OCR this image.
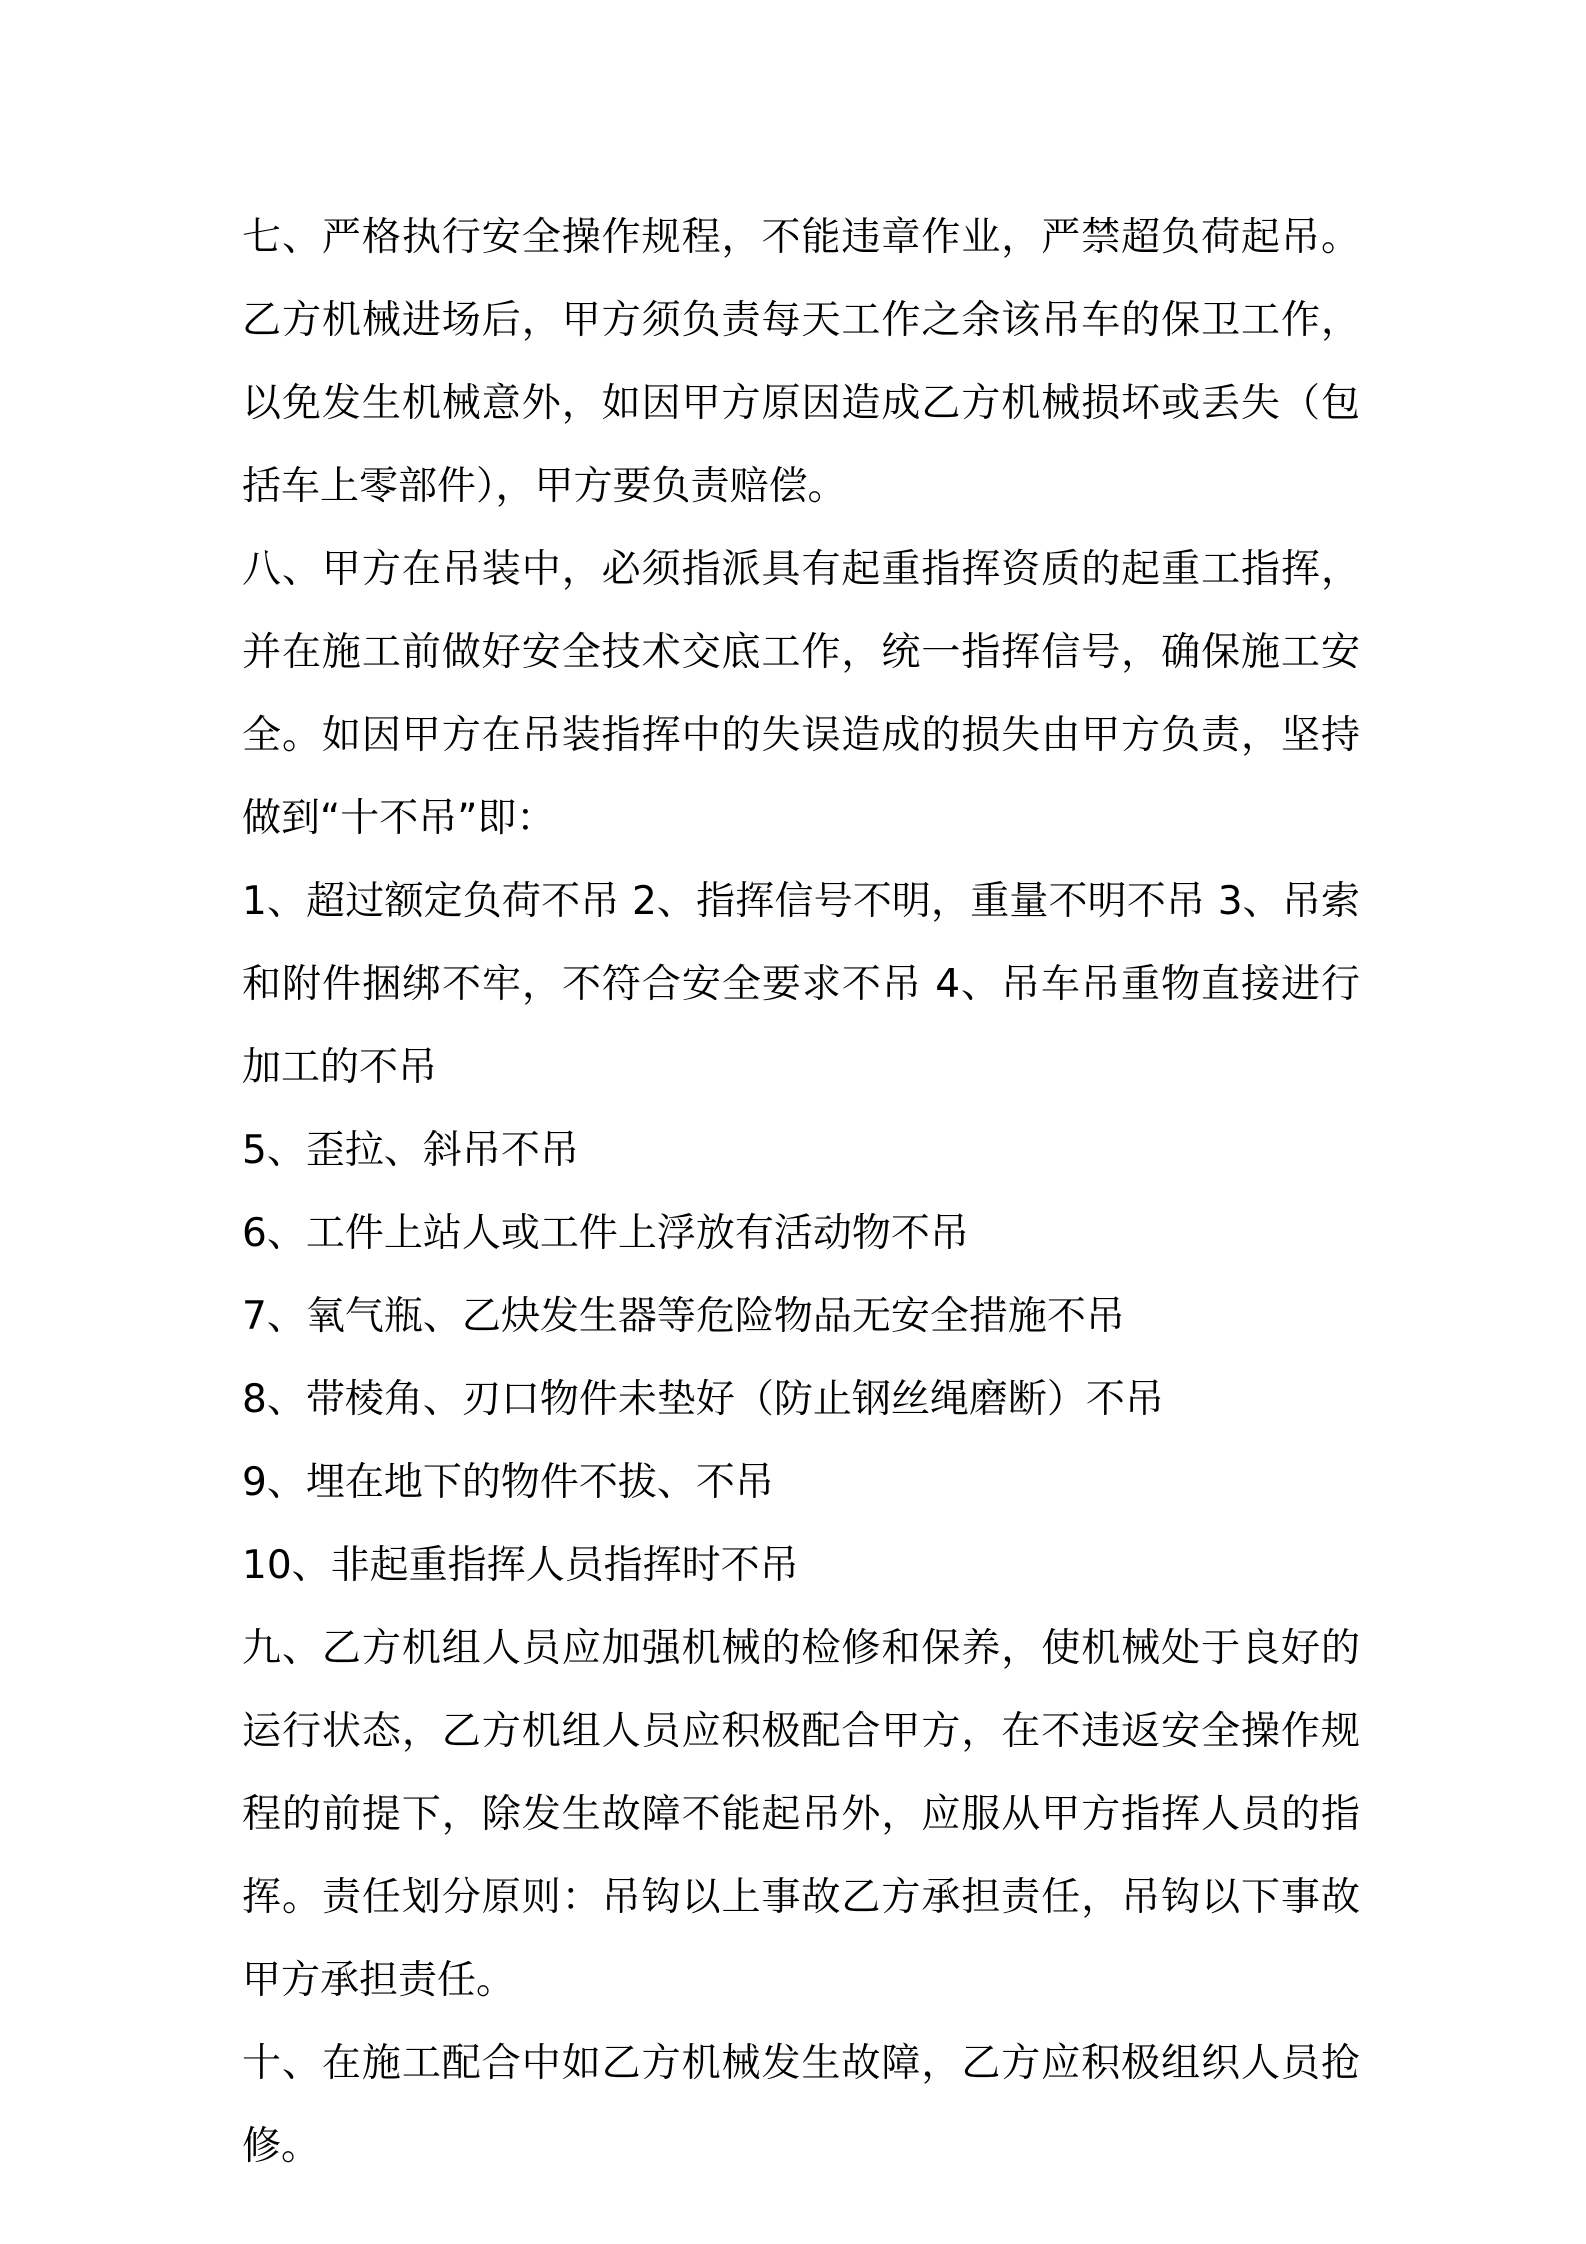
七、严格执行安全操作规程，不能违章作业，严禁超负荷起吊。乙方机械进场后，甲方须负责每天工作之余该吊车的保卫工作，以免发生机械意外，如因甲方原因造成乙方机械损坏或丢失（包括车上零部件），甲方要负责赔偿。

八、甲方在吊装中，必须指派具有起重指挥资质的起重工指挥，并在施工前做好安全技术交底工作，统一指挥信号，确保施工安全。如因甲方在吊装指挥中的失误造成的损失由甲方负责，坚持做到“十不吊”即：

1、超过额定负荷不吊 2、指挥信号不明，重量不明不吊 3、吊索和附件捆绑不牢，不符合安全要求不吊 4、吊车吊重物直接进行加工的不吊

5、歪拉、斜吊不吊

6、工件上站人或工件上浮放有活动物不吊

7、氧气瓶、乙炔发生器等危险物品无安全措施不吊

8、带棱角、刃口物件未垫好（防止钢丝绳磨断）不吊

9、埋在地下的物件不拔、不吊

10、非起重指挥人员指挥时不吊

九、乙方机组人员应加强机械的检修和保养，使机械处于良好的运行状态，乙方机组人员应积极配合甲方，在不违返安全操作规程的前提下，除发生故障不能起吊外，应服从甲方指挥人员的指挥。责任划分原则：吊钩以上事故乙方承担责任，吊钩以下事故甲方承担责任。

十、在施工配合中如乙方机械发生故障，乙方应积极组织人员抢修。
